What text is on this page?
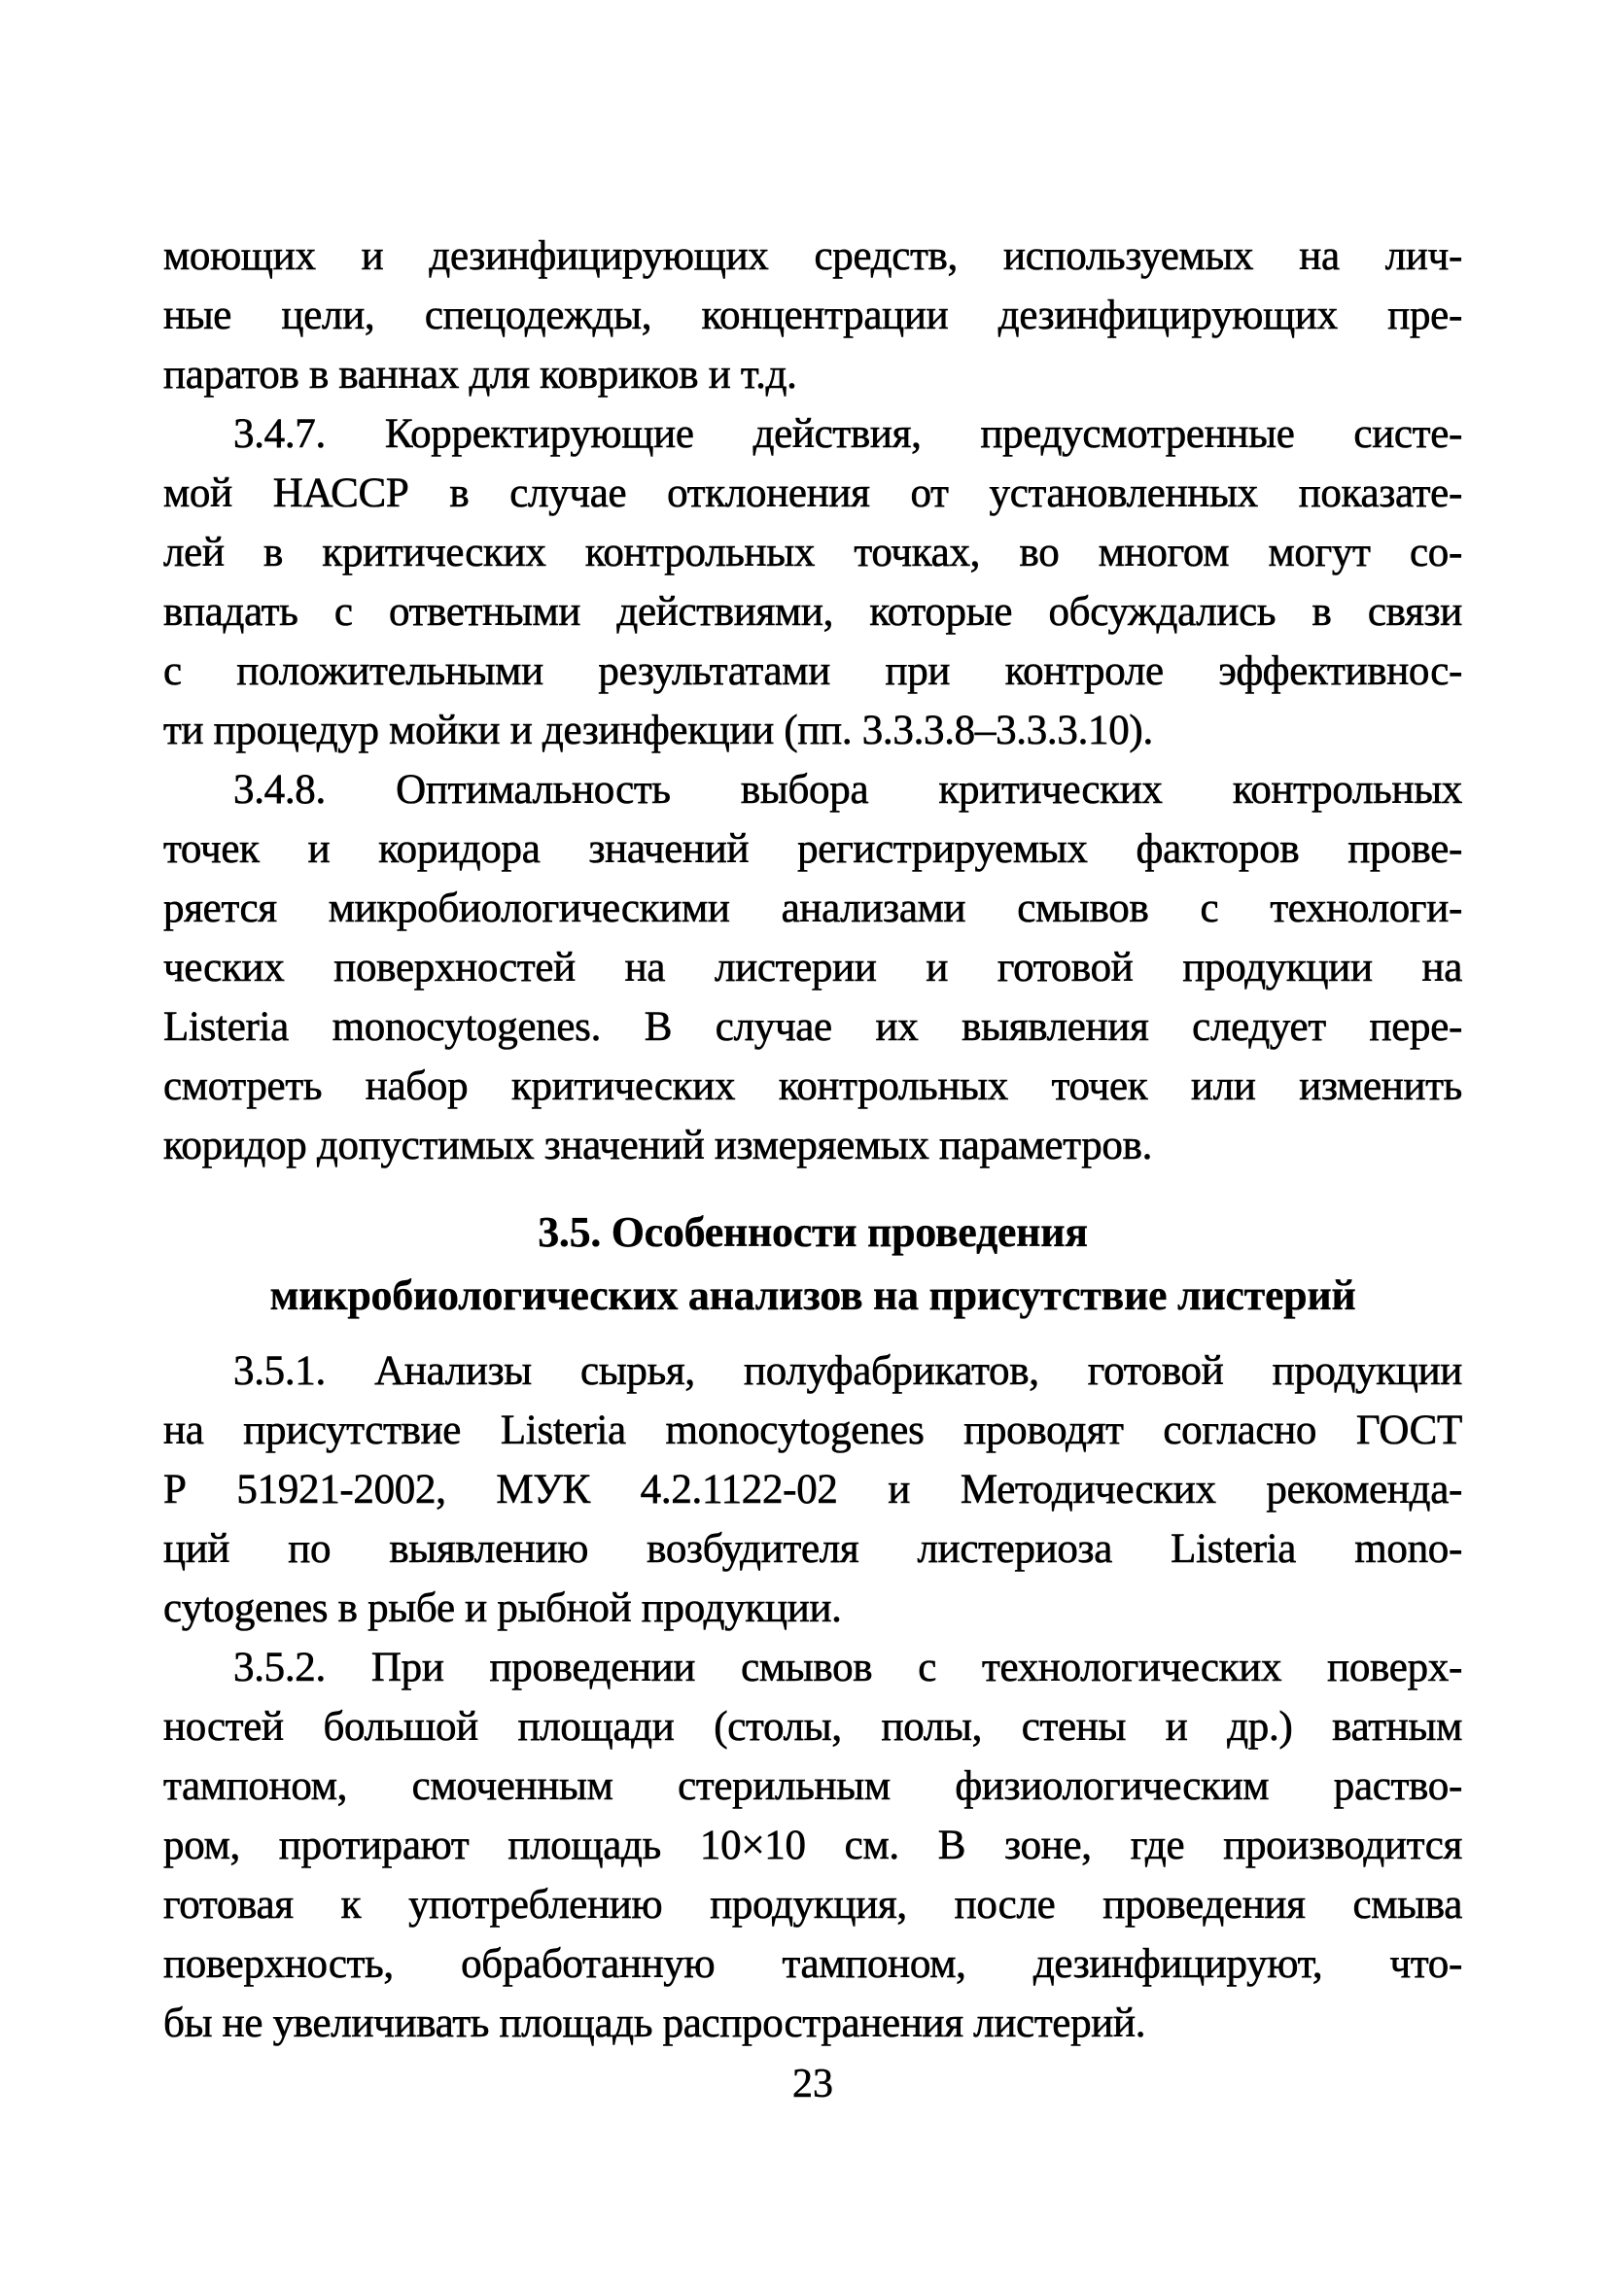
моющих и дезинфицирующих средств, используемых на лич-
ные цели, спецодежды, концентрации дезинфицирующих пре-
паратов в ваннах для ковриков и т.д.
3.4.7. Корректирующие действия, предусмотренные систе-
мой НАССР в случае отклонения от установленных показате-
лей в критических контрольных точках, во многом могут со-
впадать с ответными действиями, которые обсуждались в связи
с положительными результатами при контроле эффективнос-
ти процедур мойки и дезинфекции (пп. 3.3.3.8–3.3.3.10).
3.4.8. Оптимальность выбора критических контрольных
точек и коридора значений регистрируемых факторов прове-
ряется микробиологическими анализами смывов с технологи-
ческих поверхностей на листерии и готовой продукции на
Listeria monocytogenes. В случае их выявления следует пере-
смотреть набор критических контрольных точек или изменить
коридор допустимых значений измеряемых параметров.
3.5. Особенности проведения
микробиологических анализов на присутствие листерий
3.5.1. Анализы сырья, полуфабрикатов, готовой продукции
на присутствие Listeria monocytogenes проводят согласно ГОСТ
Р 51921-2002, МУК 4.2.1122-02 и Методических рекоменда-
ций по выявлению возбудителя листериоза Listeria mono-
cytogenes в рыбе и рыбной продукции.
3.5.2. При проведении смывов с технологических поверх-
ностей большой площади (столы, полы, стены и др.) ватным
тампоном, смоченным стерильным физиологическим раство-
ром, протирают площадь 10×10 см. В зоне, где производится
готовая к употреблению продукция, после проведения смыва
поверхность, обработанную тампоном, дезинфицируют, что-
бы не увеличивать площадь распространения листерий.
23
